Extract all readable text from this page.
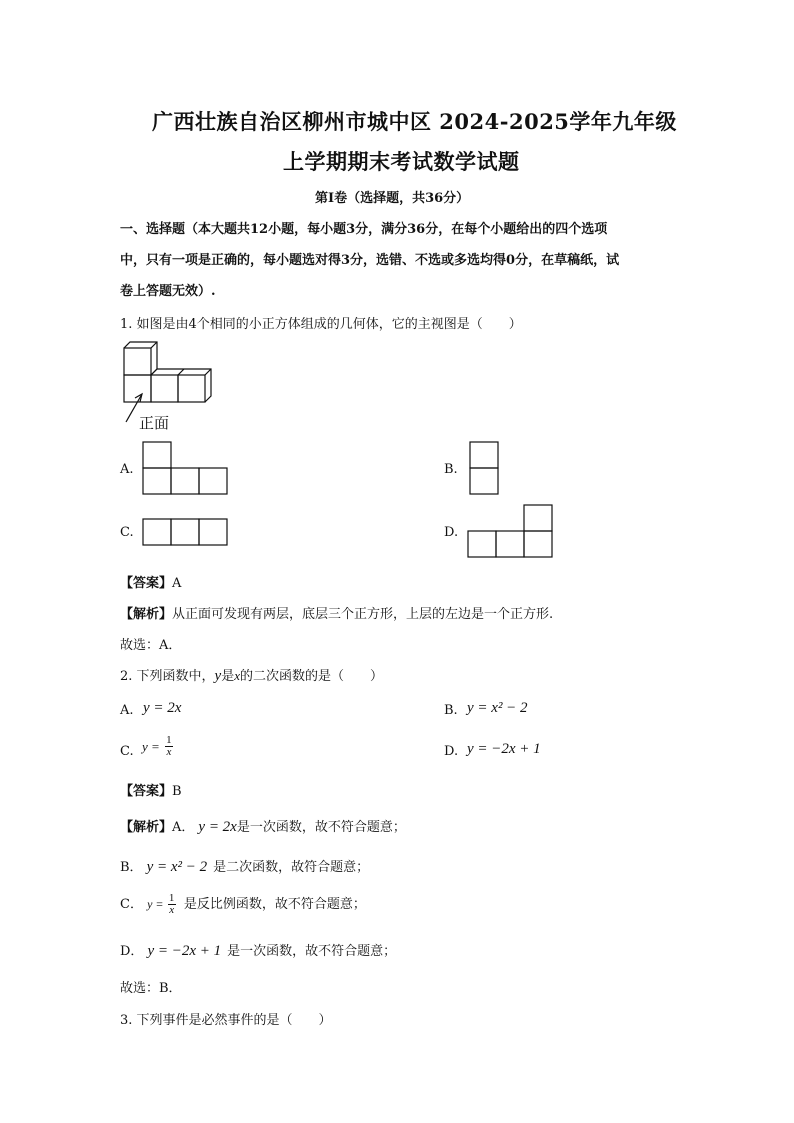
广西壮族自治区柳州市城中区 2024-2025学年九年级
上学期期末考试数学试题
第Ⅰ卷（选择题，共36分）
一、选择题（本大题共12小题，每小题3分，满分36分，在每个小题给出的四个选项
中，只有一项是正确的，每小题选对得3分，选错、不选或多选均得0分，在草稿纸，试
卷上答题无效）.
1. 如图是由4个相同的小正方体组成的几何体，它的主视图是（　　）
正面
A.	B.
C.	D.
【答案】A
【解析】从正面可发现有两层，底层三个正方形，上层的左边是一个正方形.
故选：A．
2. 下列函数中，y是x的二次函数的是（　　）
A. y = 2x	B. y = x² − 2
C. $y = \frac{1}{x}$	D. y = −2x + 1
【答案】B
【解析】A． y = 2x是一次函数，故不符合题意；
B． y = x² − 2 是二次函数，故符合题意；
C． $y = \frac{1}{x}$ 是反比例函数，故不符合题意；
D． y = −2x + 1 是一次函数，故不符合题意；
故选：B．
3. 下列事件是必然事件的是（　　）
